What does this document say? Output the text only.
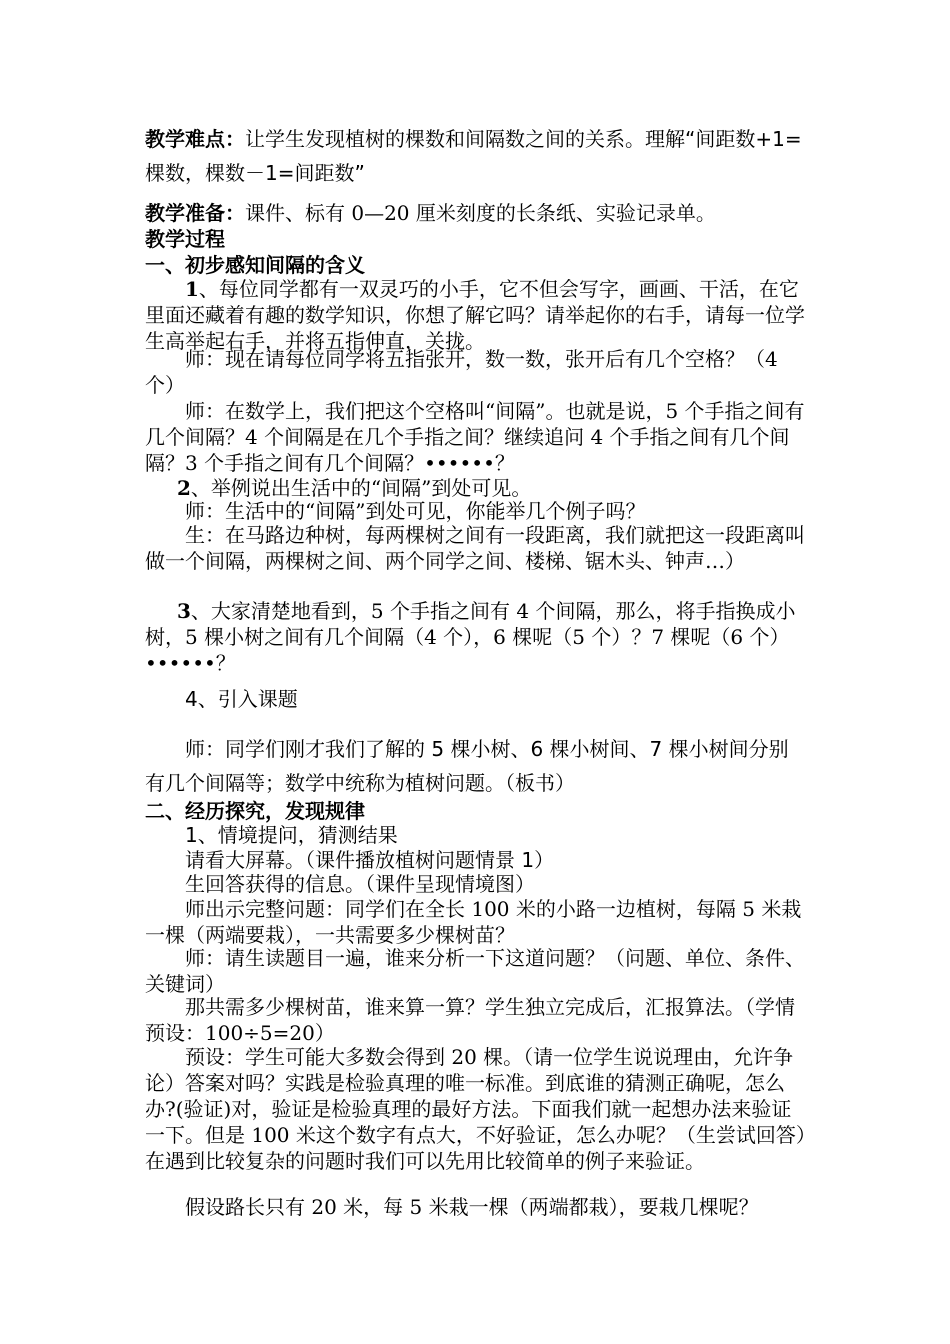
教学难点：让学生发现植树的棵数和间隔数之间的关系。理解“间距数+1=棵数，棵数－1=间距数”

教学准备：课件、标有 0—20 厘米刻度的长条纸、实验记录单。

教学过程

一、初步感知间隔的含义

1、每位同学都有一双灵巧的小手，它不但会写字，画画、干活，在它里面还藏着有趣的数学知识，你想了解它吗？请举起你的右手，请每一位学生高举起右手，并将五指伸直，关拢。

师：现在请每位同学将五指张开，数一数，张开后有几个空格？（4 个）

师：在数学上，我们把这个空格叫“间隔”。也就是说，5 个手指之间有几个间隔？4 个间隔是在几个手指之间？继续追问 4 个手指之间有几个间隔？3 个手指之间有几个间隔？••••••？

2、举例说出生活中的“间隔”到处可见。

师：生活中的“间隔”到处可见，你能举几个例子吗？

生：在马路边种树，每两棵树之间有一段距离，我们就把这一段距离叫做一个间隔，两棵树之间、两个同学之间、楼梯、锯木头、钟声…）

3、大家清楚地看到，5 个手指之间有 4 个间隔，那么，将手指换成小树，5 棵小树之间有几个间隔（4 个），6 棵呢（5 个）？7 棵呢（6 个）••••••？

4、引入课题

师：同学们刚才我们了解的 5 棵小树、6 棵小树间、7 棵小树间分别有几个间隔等；数学中统称为植树问题。（板书）

二、经历探究，发现规律

1、情境提问，猜测结果

请看大屏幕。（课件播放植树问题情景 1）

生回答获得的信息。（课件呈现情境图）

师出示完整问题：同学们在全长 100 米的小路一边植树，每隔 5 米栽一棵（两端要栽），一共需要多少棵树苗？

师：请生读题目一遍，谁来分析一下这道问题？（问题、单位、条件、关键词）

那共需多少棵树苗，谁来算一算？学生独立完成后，汇报算法。（学情预设：100÷5=20）

预设：学生可能大多数会得到 20 棵。（请一位学生说说理由，允许争论）答案对吗？实践是检验真理的唯一标准。到底谁的猜测正确呢，怎么办?(验证)对，验证是检验真理的最好方法。下面我们就一起想办法来验证一下。但是 100 米这个数字有点大，不好验证，怎么办呢？（生尝试回答）在遇到比较复杂的问题时我们可以先用比较简单的例子来验证。

假设路长只有 20 米，每 5 米栽一棵（两端都栽），要栽几棵呢？
